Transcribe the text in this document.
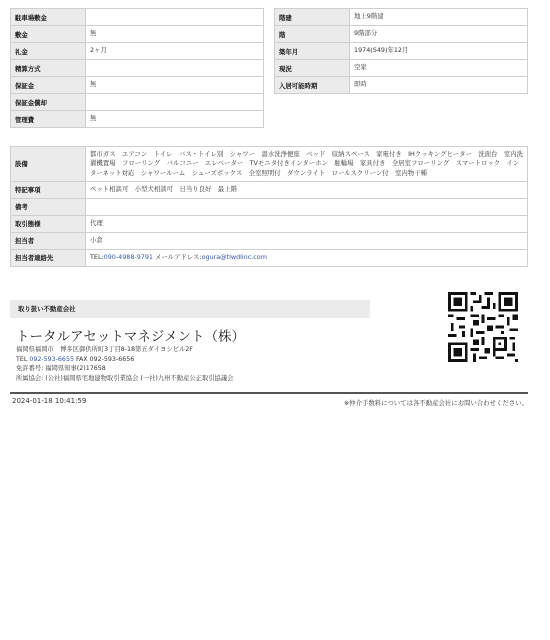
駐車場敷金	
敷金	無
礼金	2ヶ月
精算方式	
保証金	無
保証金償却	
管理費	無
階建	地上9階建
階	9階部分
築年月	1974(S49)年12月
現況	空家
入居可能時期	即時
設備	都市ガス　エアコン　トイレ　バス・トイレ別　シャワー　温水洗浄便座　ベッド　収納スペース　家電付き　IHクッキングヒーター　洗面台　室内洗濯機置場　フローリング　バルコニー　エレベーター　TVモニタ付きインターホン　駐輪場　家具付き　全居室フローリング　スマートロック　インターネット対応　シャワールーム　シューズボックス　全室照明付　ダウンライト　ロールスクリーン付　室内物干種
特記事項	ペット相談可　小型犬相談可　日当り良好　最上階
備考	
取引態様	代理
担当者	小倉
担当者連絡先	TEL:090-4988-9791 メールアドレス:ogura@tlwdlinc.com
取り扱い不動産会社
トータルアセットマネジメント（株）
福岡県福岡市　博多区御供所町3丁目8-18第五ダイヨシビル2F
TEL 092-593-6655 FAX 092-593-6656
免許番号: 福岡県知事(2)17658
所属協会: (公社)福岡県宅地建物取引業協会 (一社)九州不動産公正取引協議会
2024-01-18 10:41:59	※仲介手数料については各不動産会社にお問い合わせください。
